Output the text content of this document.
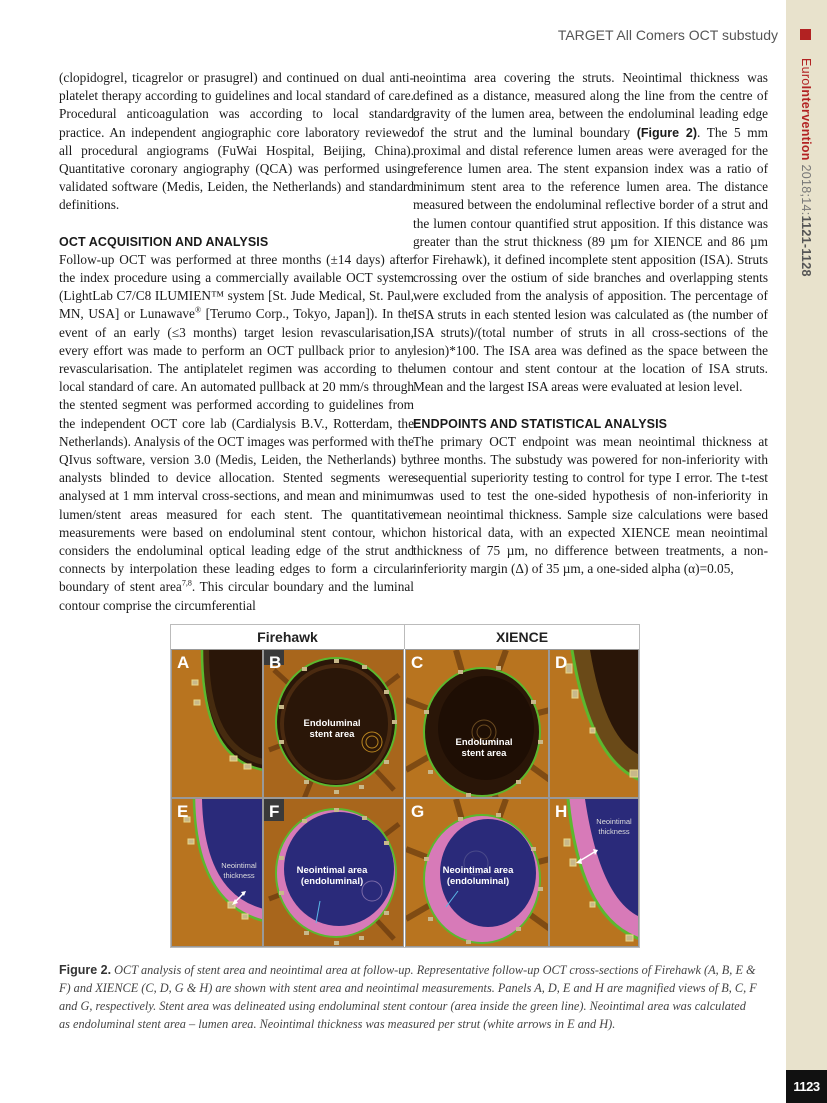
EuroIntervention 2018;14:1121-1128
TARGET All Comers OCT substudy

(clopidogrel, ticagrelor or prasugrel) and continued on dual anti-platelet therapy according to guidelines and local standard of care. Procedural anticoagulation was according to local standard practice. An independent angiographic core laboratory reviewed all procedural angiograms (FuWai Hospital, Beijing, China). Quantitative coronary angiography (QCA) was performed using validated software (Medis, Leiden, the Netherlands) and standard definitions.

OCT ACQUISITION AND ANALYSIS

Follow-up OCT was performed at three months (±14 days) after the index procedure using a commercially available OCT system (LightLab C7/C8 ILUMIEN™ system [St. Jude Medical, St. Paul, MN, USA] or Lunawave® [Terumo Corp., Tokyo, Japan]). In the event of an early (≤3 months) target lesion revascularisation, every effort was made to perform an OCT pullback prior to any revascularisation. The antiplatelet regimen was according to the local standard of care. An automated pullback at 20 mm/s through the stented segment was performed according to guidelines from the independent OCT core lab (Cardialysis B.V., Rotterdam, the Netherlands). Analysis of the OCT images was performed with the QIvus software, version 3.0 (Medis, Leiden, the Netherlands) by analysts blinded to device allocation. Stented segments were analysed at 1 mm interval cross-sections, and mean and minimum lumen/stent areas measured for each stent. The quantitative measurements were based on endoluminal stent contour, which considers the endoluminal optical leading edge of the strut and connects by interpolation these leading edges to form a circular boundary of stent area$^{7,8}$. This circular boundary and the luminal contour comprise the circumferential

neointima area covering the struts. Neointimal thickness was defined as a distance, measured along the line from the centre of gravity of the lumen area, between the endoluminal leading edge of the strut and the luminal boundary (Figure 2). The 5 mm proximal and distal reference lumen areas were averaged for the reference lumen area. The stent expansion index was a ratio of minimum stent area to the reference lumen area. The distance measured between the endoluminal reflective border of a strut and the lumen contour quantified strut apposition. If this distance was greater than the strut thickness (89 µm for XIENCE and 86 µm for Firehawk), it defined incomplete stent apposition (ISA). Struts crossing over the ostium of side branches and overlapping stents were excluded from the analysis of apposition. The percentage of ISA struts in each stented lesion was calculated as (the number of ISA struts)/(total number of struts in all cross-sections of the lesion)*100. The ISA area was defined as the space between the lumen contour and stent contour at the location of ISA struts. Mean and the largest ISA areas were evaluated at lesion level.

ENDPOINTS AND STATISTICAL ANALYSIS

The primary OCT endpoint was mean neointimal thickness at three months. The substudy was powered for non-inferiority with sequential superiority testing to control for type I error. The t-test was used to test the one-sided hypothesis of non-inferiority in mean neointimal thickness. Sample size calculations were based on historical data, with an expected XIENCE mean neointimal thickness of 75 µm, no difference between treatments, a non-inferiority margin (Δ) of 35 µm, a one-sided alpha (α)=0.05,

Firehawk	XIENCE
A	B
Endoluminal
stent area
C
Endoluminal
stent area
D
E
Neointimal
thickness
F
Neointimal area
(endoluminal)
G
Neointimal area
(endoluminal)
H
Neointimal
thickness
Figure 2. OCT analysis of stent area and neointimal area at follow-up. Representative follow-up OCT cross-sections of Firehawk (A, B, E & F) and XIENCE (C, D, G & H) are shown with stent area and neointimal measurements. Panels A, D, E and H are magnified views of B, C, F and G, respectively. Stent area was delineated using endoluminal stent contour (area inside the green line). Neointimal area was calculated as endoluminal stent area – lumen area. Neointimal thickness was measured per strut (white arrows in E and H).
1123
